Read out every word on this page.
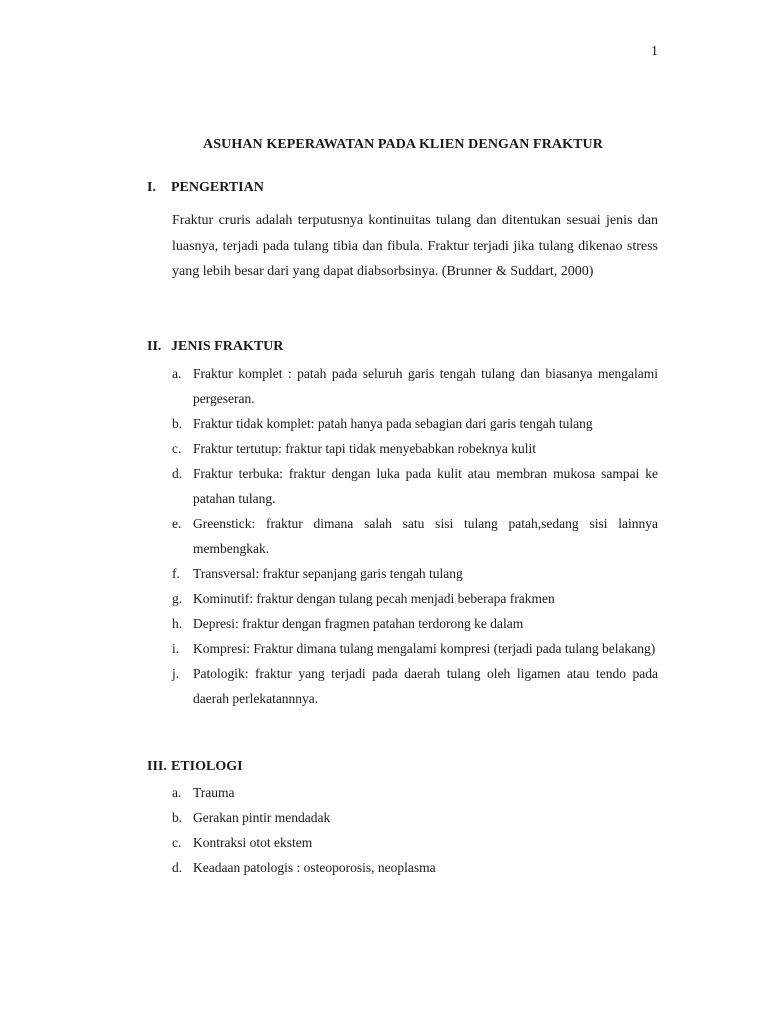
1
ASUHAN KEPERAWATAN PADA KLIEN DENGAN FRAKTUR
I.	PENGERTIAN

Fraktur cruris adalah terputusnya kontinuitas tulang dan ditentukan sesuai jenis dan luasnya, terjadi pada tulang tibia dan fibula. Fraktur terjadi jika tulang dikenao stress yang lebih besar dari yang dapat diabsorbsinya. (Brunner & Suddart, 2000)

II. JENIS FRAKTUR
a. Fraktur komplet : patah pada seluruh garis tengah tulang dan biasanya mengalami pergeseran.
b. Fraktur tidak komplet: patah hanya pada sebagian dari garis tengah tulang
c. Fraktur tertutup: fraktur tapi tidak menyebabkan robeknya kulit
d. Fraktur terbuka: fraktur dengan luka pada kulit atau membran mukosa sampai ke patahan tulang.
e. Greenstick: fraktur dimana salah satu sisi tulang patah,sedang sisi lainnya membengkak.
f. Transversal: fraktur sepanjang garis tengah tulang
g. Kominutif: fraktur dengan tulang pecah menjadi beberapa frakmen
h. Depresi: fraktur dengan fragmen patahan terdorong ke dalam
i.	Kompresi: Fraktur dimana tulang mengalami kompresi (terjadi pada tulang belakang)
j.	Patologik: fraktur yang terjadi pada daerah tulang oleh ligamen atau tendo pada daerah perlekatannnya.
III. ETIOLOGI
a. Trauma
b. Gerakan pintir mendadak
c. Kontraksi otot ekstem
d. Keadaan patologis : osteoporosis, neoplasma
